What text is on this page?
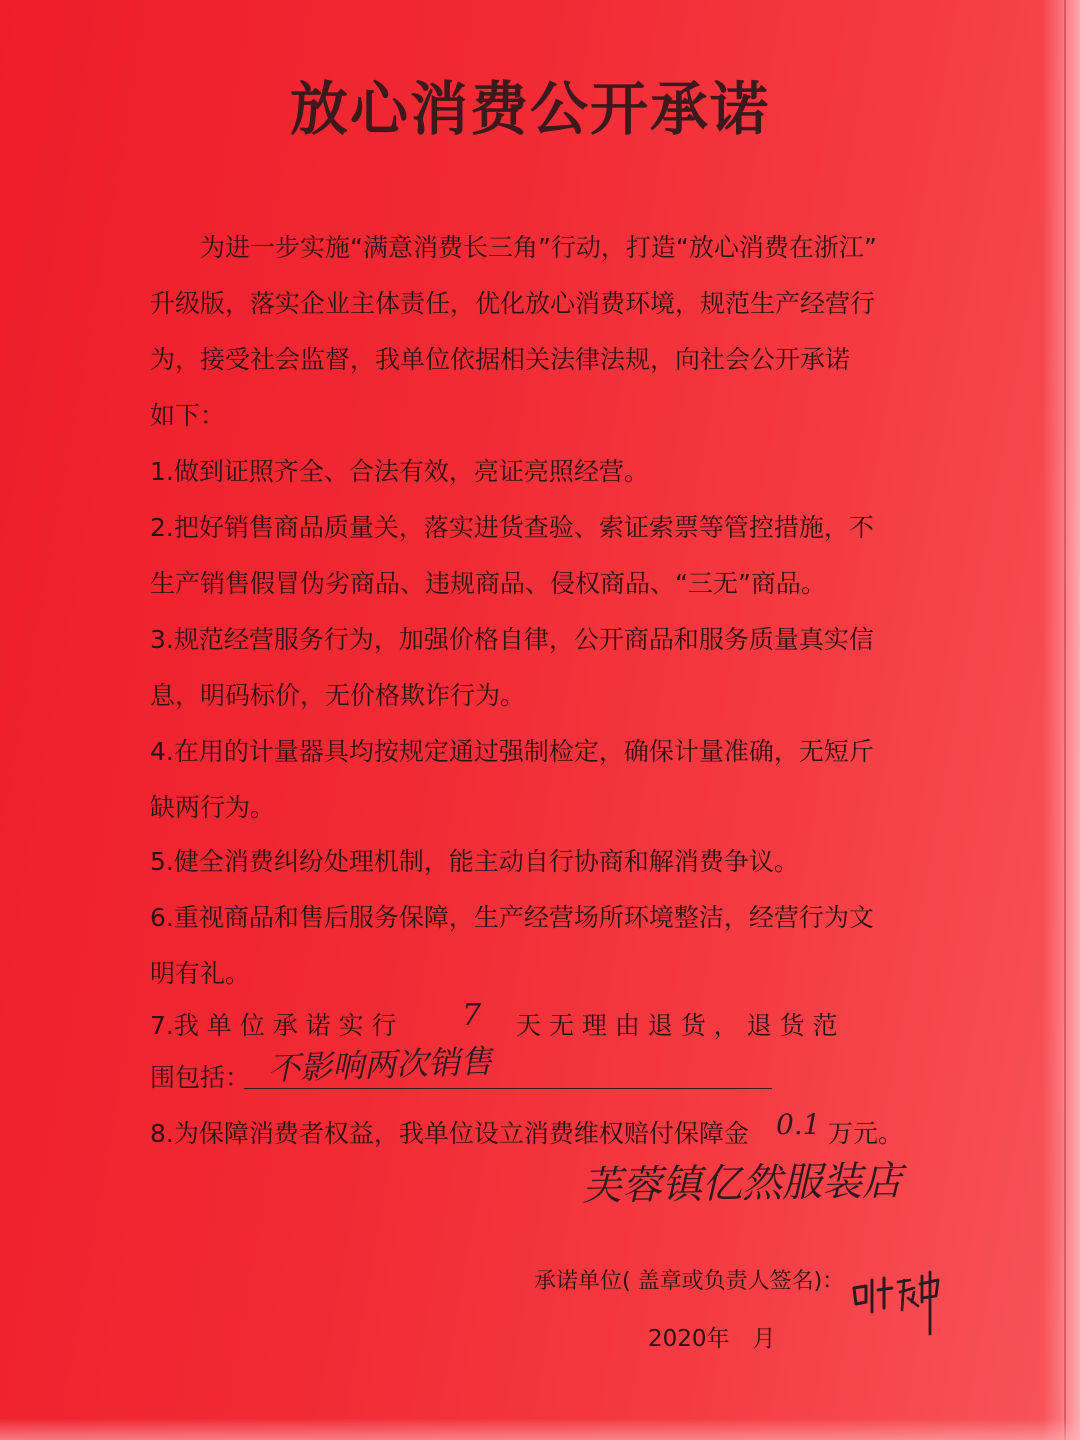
放心消费公开承诺
为进一步实施“满意消费长三角”行动，打造“放心消费在浙江”
升级版，落实企业主体责任，优化放心消费环境，规范生产经营行
为，接受社会监督，我单位依据相关法律法规，向社会公开承诺
如下：
1.做到证照齐全、合法有效，亮证亮照经营。
2.把好销售商品质量关，落实进货查验、索证索票等管控措施，不
生产销售假冒伪劣商品、违规商品、侵权商品、“三无”商品。
3.规范经营服务行为，加强价格自律，公开商品和服务质量真实信
息，明码标价，无价格欺诈行为。
4.在用的计量器具均按规定通过强制检定，确保计量准确，无短斤
缺两行为。
5.健全消费纠纷处理机制，能主动自行协商和解消费争议。
6.重视商品和售后服务保障，生产经营场所环境整洁，经营行为文
明有礼。
7.我 单 位 承 诺 实 行 7 天 无 理 由 退 货 ， 退 货 范
围包括： 不影响两次销售
8.为保障消费者权益，我单位设立消费维权赔付保障金 0.1 万元。
芙蓉镇亿然服装店
承诺单位( 盖章或负责人签名)：
2020年　月
